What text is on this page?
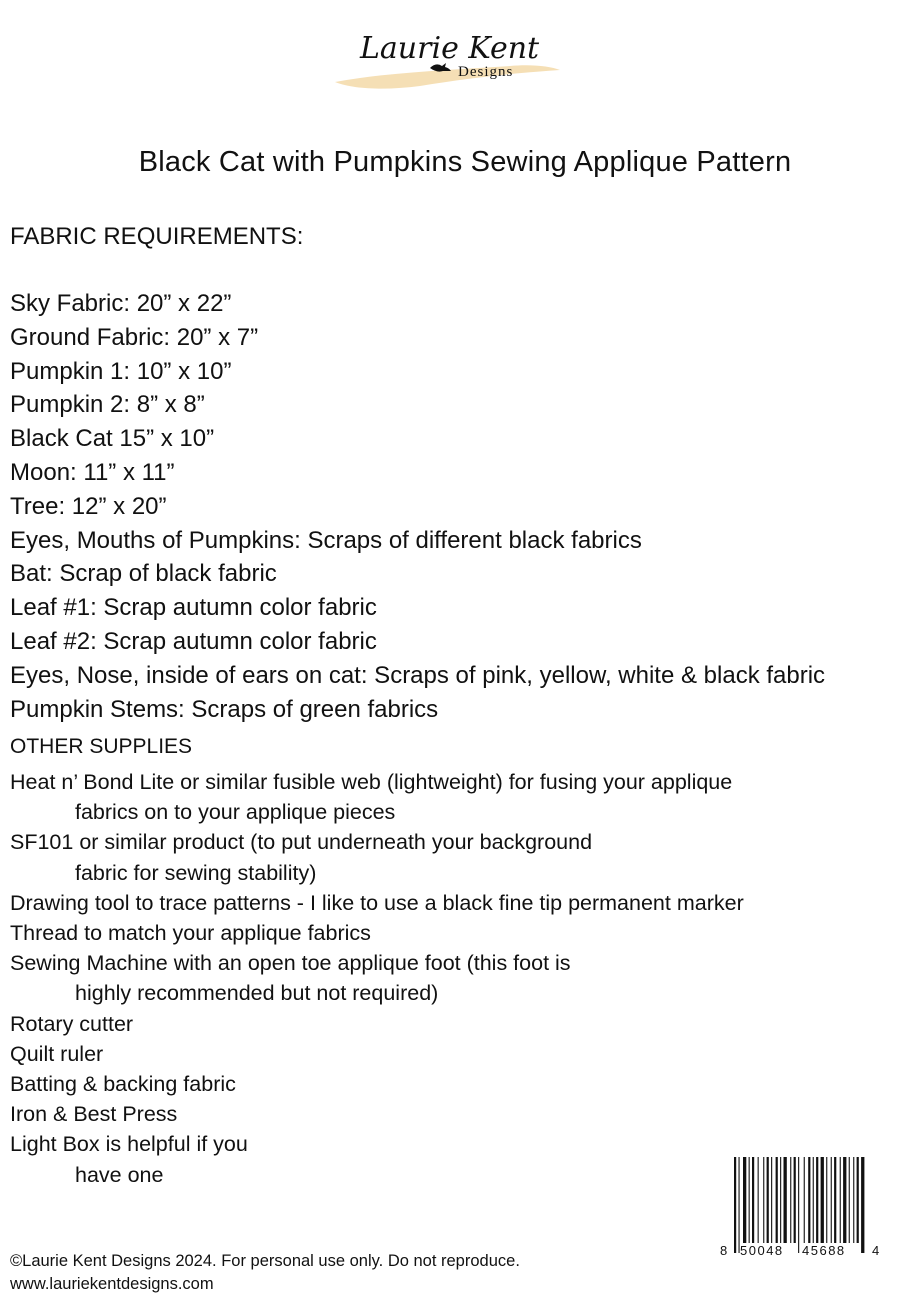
Laurie Kent
Designs
Black Cat with Pumpkins Sewing Applique Pattern
FABRIC REQUIREMENTS:
Sky Fabric: 20” x 22”
Ground Fabric: 20” x 7”
Pumpkin 1: 10” x 10”
Pumpkin 2: 8” x 8”
Black Cat 15” x 10”
Moon: 11” x 11”
Tree: 12” x 20”
Eyes, Mouths of Pumpkins: Scraps of different black fabrics
Bat: Scrap of black fabric
Leaf #1: Scrap autumn color fabric
Leaf #2: Scrap autumn color fabric
Eyes, Nose, inside of ears on cat: Scraps of pink, yellow, white & black fabric
Pumpkin Stems: Scraps of green fabrics
OTHER SUPPLIES
Heat n’ Bond Lite or similar fusible web (lightweight) for fusing your applique
fabrics on to your applique pieces
SF101 or similar product (to put underneath your background
fabric for sewing stability)
Drawing tool to trace patterns - I like to use a black fine tip permanent marker
Thread to match your applique fabrics
Sewing Machine with an open toe applique foot (this foot is
highly recommended but not required)
Rotary cutter
Quilt ruler
Batting & backing fabric
Iron & Best Press
Light Box is helpful if you
have one
8 50048 45688 4
©Laurie Kent Designs 2024. For personal use only. Do not reproduce.
www.lauriekentdesigns.com
